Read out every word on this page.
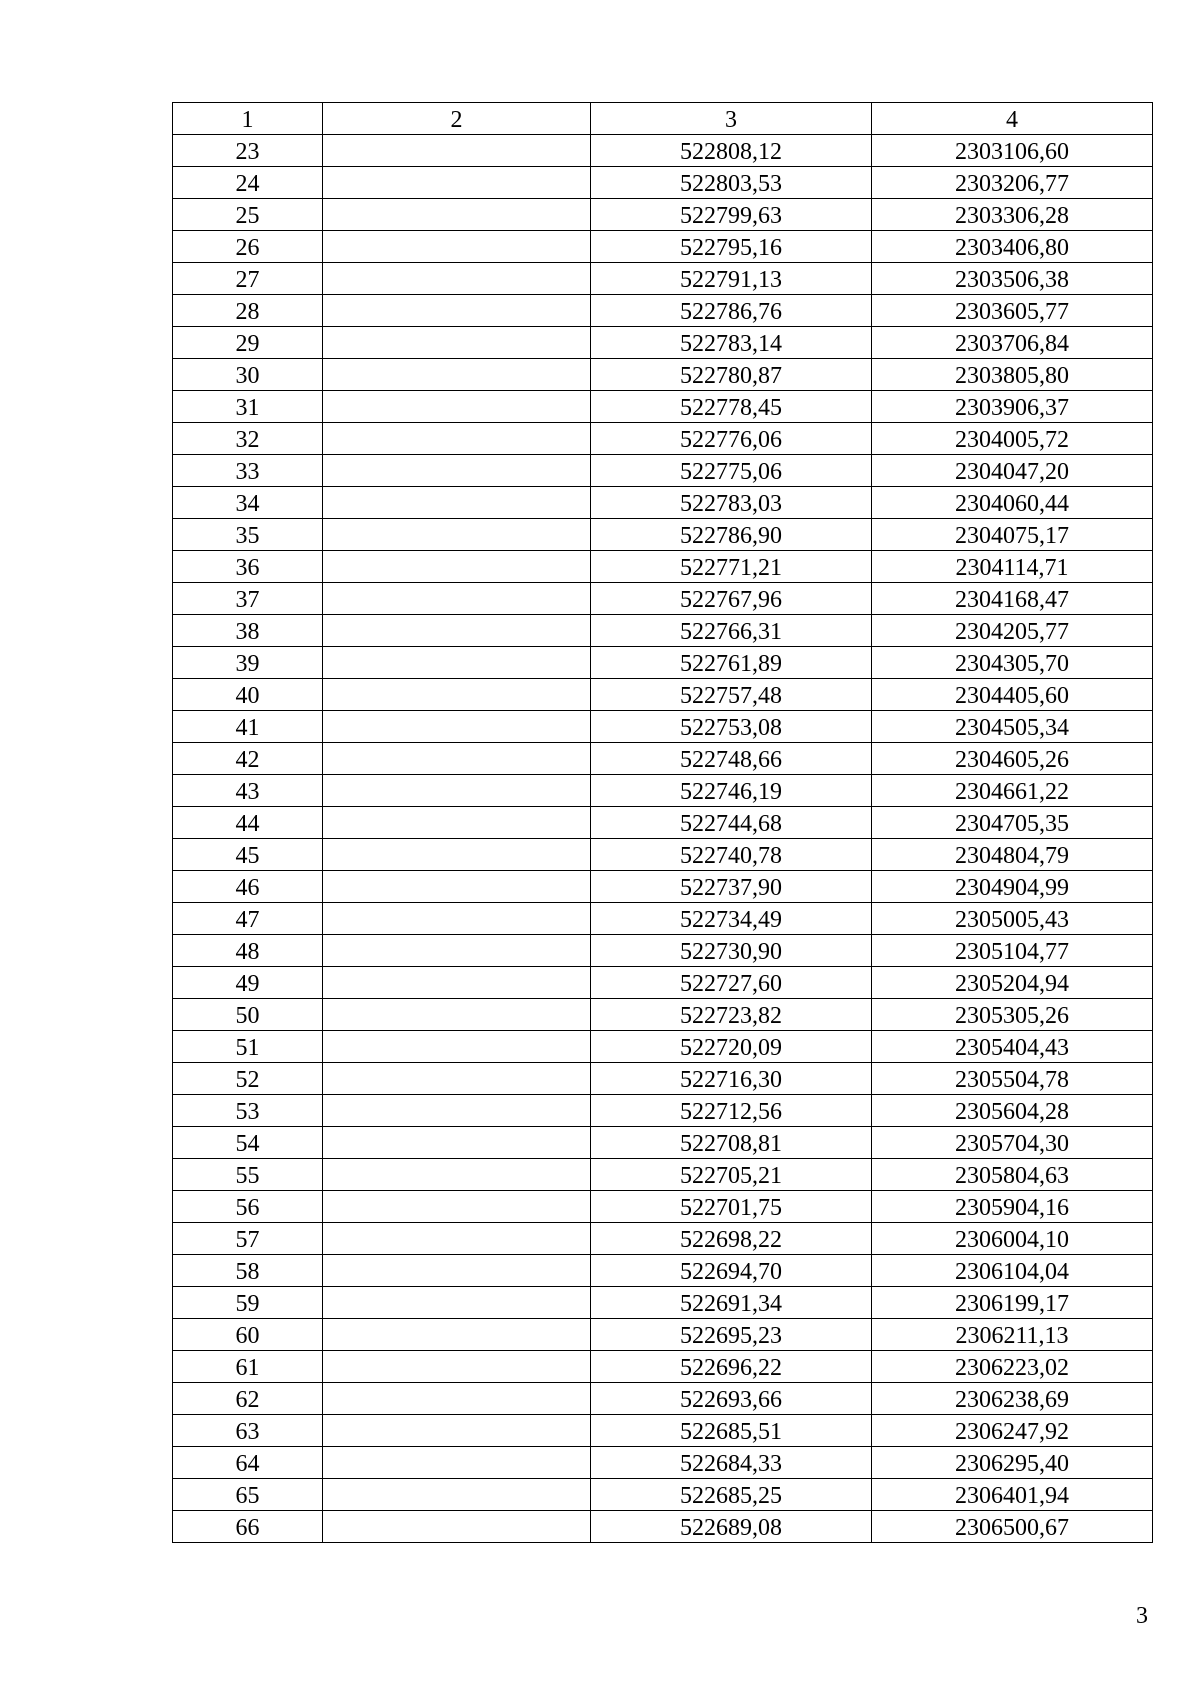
1	2	3	4
23		522808,12	2303106,60
24		522803,53	2303206,77
25		522799,63	2303306,28
26		522795,16	2303406,80
27		522791,13	2303506,38
28		522786,76	2303605,77
29		522783,14	2303706,84
30		522780,87	2303805,80
31		522778,45	2303906,37
32		522776,06	2304005,72
33		522775,06	2304047,20
34		522783,03	2304060,44
35		522786,90	2304075,17
36		522771,21	2304114,71
37		522767,96	2304168,47
38		522766,31	2304205,77
39		522761,89	2304305,70
40		522757,48	2304405,60
41		522753,08	2304505,34
42		522748,66	2304605,26
43		522746,19	2304661,22
44		522744,68	2304705,35
45		522740,78	2304804,79
46		522737,90	2304904,99
47		522734,49	2305005,43
48		522730,90	2305104,77
49		522727,60	2305204,94
50		522723,82	2305305,26
51		522720,09	2305404,43
52		522716,30	2305504,78
53		522712,56	2305604,28
54		522708,81	2305704,30
55		522705,21	2305804,63
56		522701,75	2305904,16
57		522698,22	2306004,10
58		522694,70	2306104,04
59		522691,34	2306199,17
60		522695,23	2306211,13
61		522696,22	2306223,02
62		522693,66	2306238,69
63		522685,51	2306247,92
64		522684,33	2306295,40
65		522685,25	2306401,94
66		522689,08	2306500,67
3
